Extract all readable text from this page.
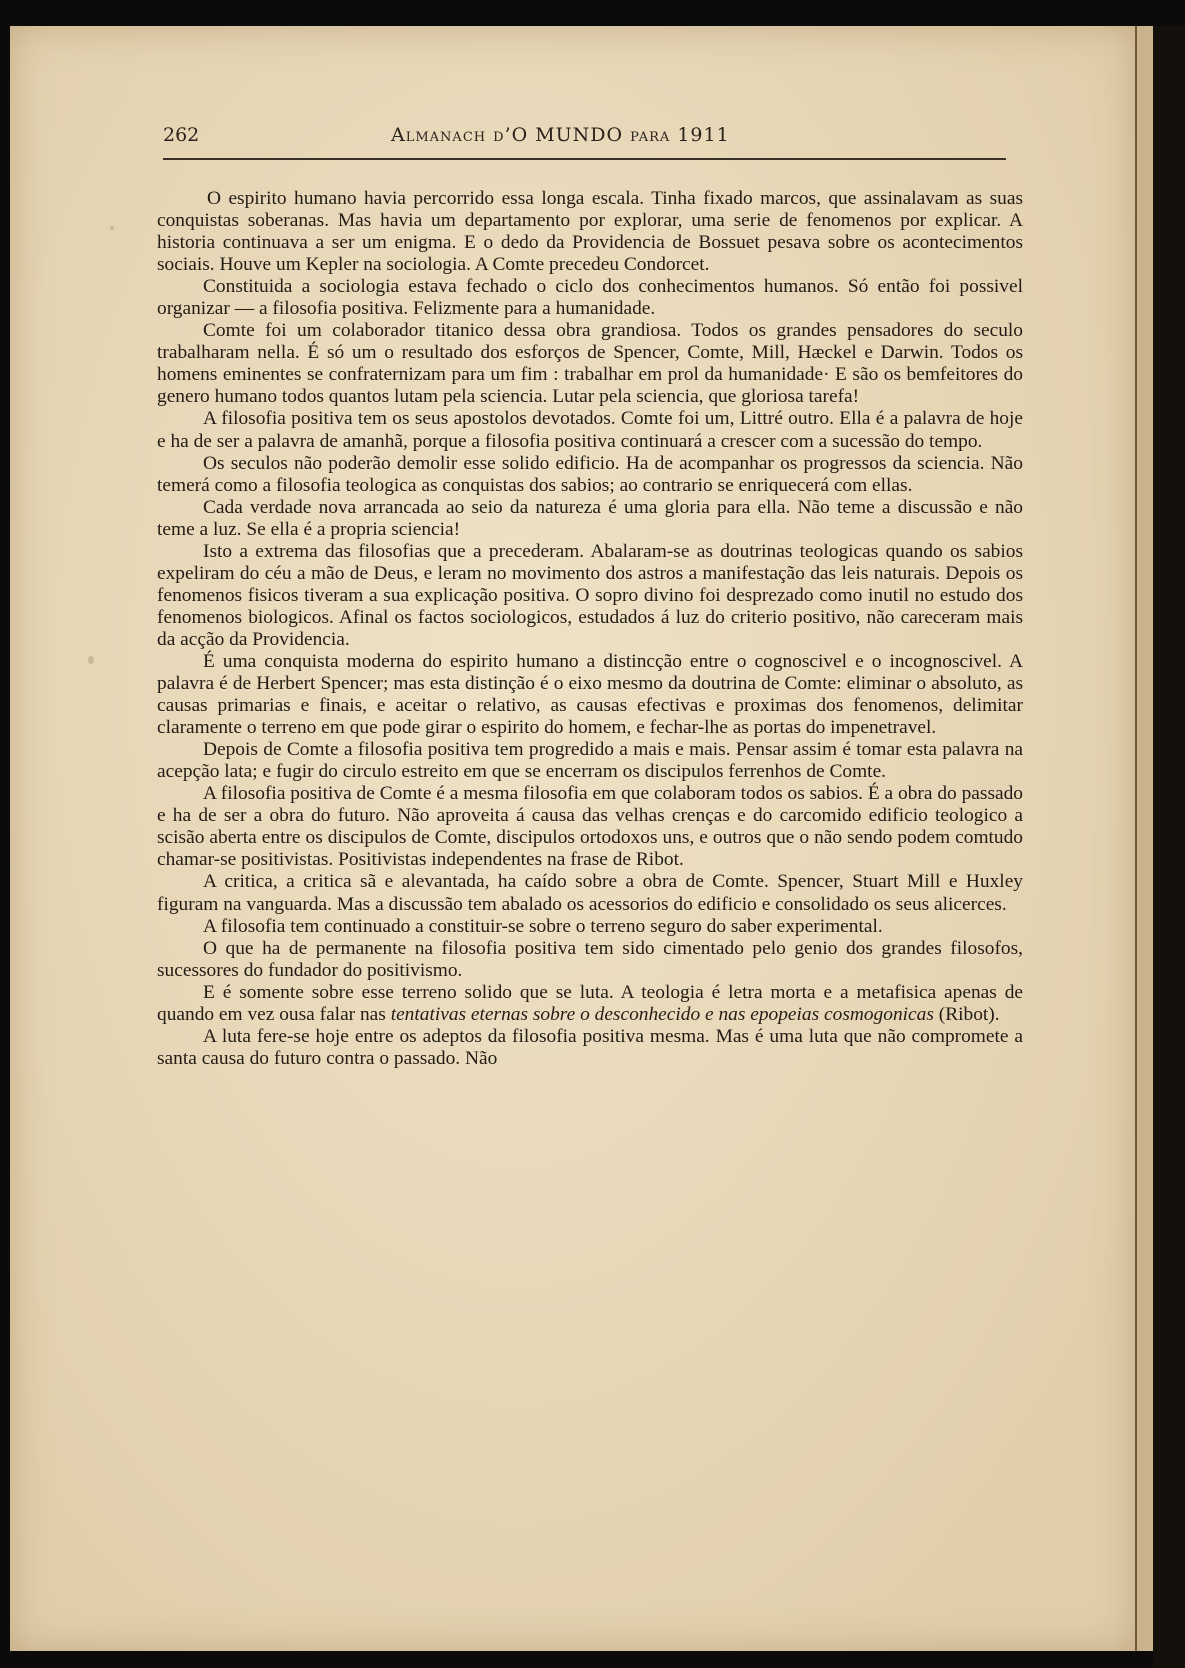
262	Almanach d’O MUNDO para 1911

O espirito humano havia percorrido essa longa escala. Tinha fixado marcos, que assinalavam as suas conquistas soberanas. Mas havia um departamento por explorar, uma serie de fenomenos por explicar. A historia continuava a ser um enigma. E o dedo da Providencia de Bossuet pesava sobre os acontecimentos sociais. Houve um Kepler na sociologia. A Comte precedeu Condorcet.

Constituida a sociologia estava fechado o ciclo dos conhecimentos humanos. Só então foi possivel organizar — a filosofia positiva. Felizmente para a humanidade.

Comte foi um colaborador titanico dessa obra grandiosa. Todos os grandes pensadores do seculo trabalharam nella. É só um o resultado dos esforços de Spencer, Comte, Mill, Hæckel e Darwin. Todos os homens eminentes se confraternizam para um fim : trabalhar em prol da humanidade· E são os bemfeitores do genero humano todos quantos lutam pela sciencia. Lutar pela sciencia, que gloriosa tarefa!

A filosofia positiva tem os seus apostolos devotados. Comte foi um, Littré outro. Ella é a palavra de hoje e ha de ser a palavra de amanhã, porque a filosofia positiva continuará a crescer com a sucessão do tempo.

Os seculos não poderão demolir esse solido edificio. Ha de acompanhar os progressos da sciencia. Não temerá como a filosofia teologica as conquistas dos sabios; ao contrario se enriquecerá com ellas.

Cada verdade nova arrancada ao seio da natureza é uma gloria para ella. Não teme a discussão e não teme a luz. Se ella é a propria sciencia!

Isto a extrema das filosofias que a precederam. Abalaram-se as doutrinas teologicas quando os sabios expeliram do céu a mão de Deus, e leram no movimento dos astros a manifestação das leis naturais. Depois os fenomenos fisicos tiveram a sua explicação positiva. O sopro divino foi desprezado como inutil no estudo dos fenomenos biologicos. Afinal os factos sociologicos, estudados á luz do criterio positivo, não careceram mais da acção da Providencia.

É uma conquista moderna do espirito humano a distincção entre o cognoscivel e o incognoscivel. A palavra é de Herbert Spencer; mas esta distinção é o eixo mesmo da doutrina de Comte: eliminar o absoluto, as causas primarias e finais, e aceitar o relativo, as causas efectivas e proximas dos fenomenos, delimitar claramente o terreno em que pode girar o espirito do homem, e fechar-lhe as portas do impenetravel.

Depois de Comte a filosofia positiva tem progredido a mais e mais. Pensar assim é tomar esta palavra na acepção lata; e fugir do circulo estreito em que se encerram os discipulos ferrenhos de Comte.

A filosofia positiva de Comte é a mesma filosofia em que colaboram todos os sabios. É a obra do passado e ha de ser a obra do futuro. Não aproveita á causa das velhas crenças e do carcomido edificio teologico a scisão aberta entre os discipulos de Comte, discipulos ortodoxos uns, e outros que o não sendo podem comtudo chamar-se positivistas. Positivistas independentes na frase de Ribot.

A critica, a critica sã e alevantada, ha caído sobre a obra de Comte. Spencer, Stuart Mill e Huxley figuram na vanguarda. Mas a discussão tem abalado os acessorios do edificio e consolidado os seus alicerces.

A filosofia tem continuado a constituir-se sobre o terreno seguro do saber experimental.

O que ha de permanente na filosofia positiva tem sido cimentado pelo genio dos grandes filosofos, sucessores do fundador do positivismo.

E é somente sobre esse terreno solido que se luta. A teologia é letra morta e a metafisica apenas de quando em vez ousa falar nas tentativas eternas sobre o desconhecido e nas epopeias cosmogonicas (Ribot).

A luta fere-se hoje entre os adeptos da filosofia positiva mesma. Mas é uma luta que não compromete a santa causa do futuro contra o passado. Não
